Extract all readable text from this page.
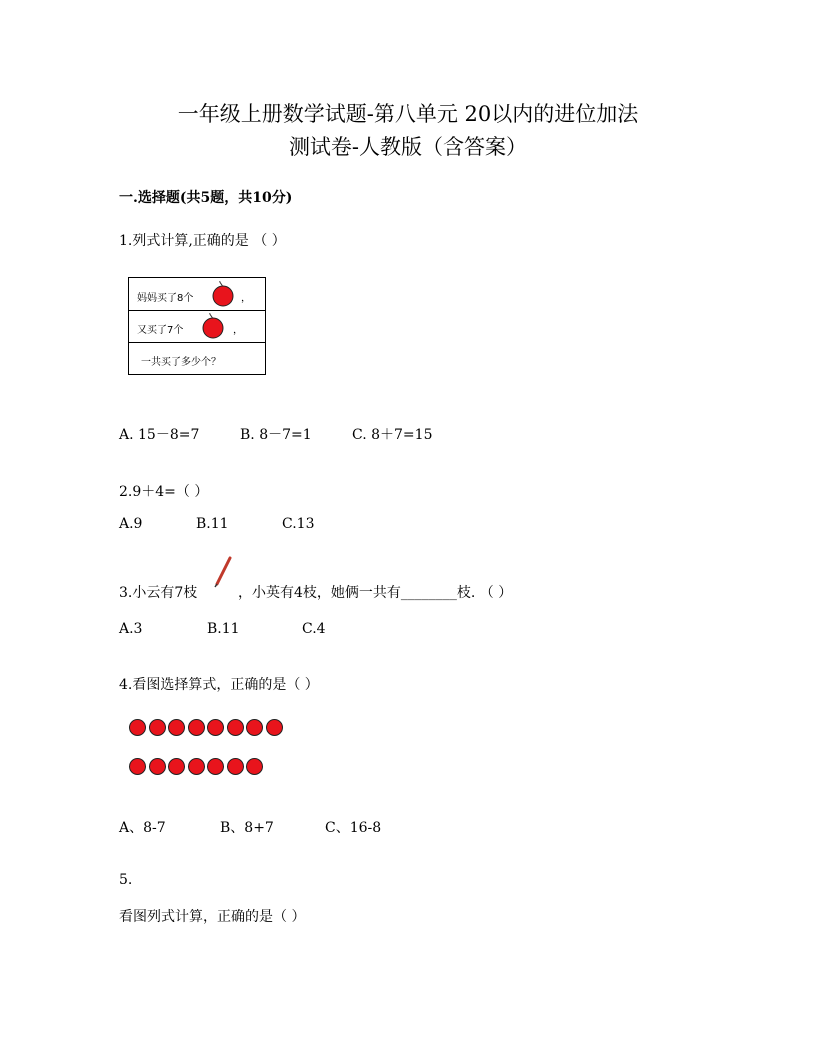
一年级上册数学试题-第八单元 20以内的进位加法
测试卷-人教版（含答案）
一.选择题(共5题，共10分)
1.列式计算,正确的是 （ ）
妈妈买了8个	，
又买了7个	，
一共买了多少个？
A. 15－8=7	B. 8－7=1	C. 8＋7=15
2.9＋4=（ ）
A.9	B.11	C.13
3.小云有7枝	，小英有4枝，她俩一共有________枝. （ ）
A.3	B.11	C.4
4.看图选择算式，正确的是（ ）
A、8-7	B、8+7	C、16-8
5.
看图列式计算，正确的是（ ）
